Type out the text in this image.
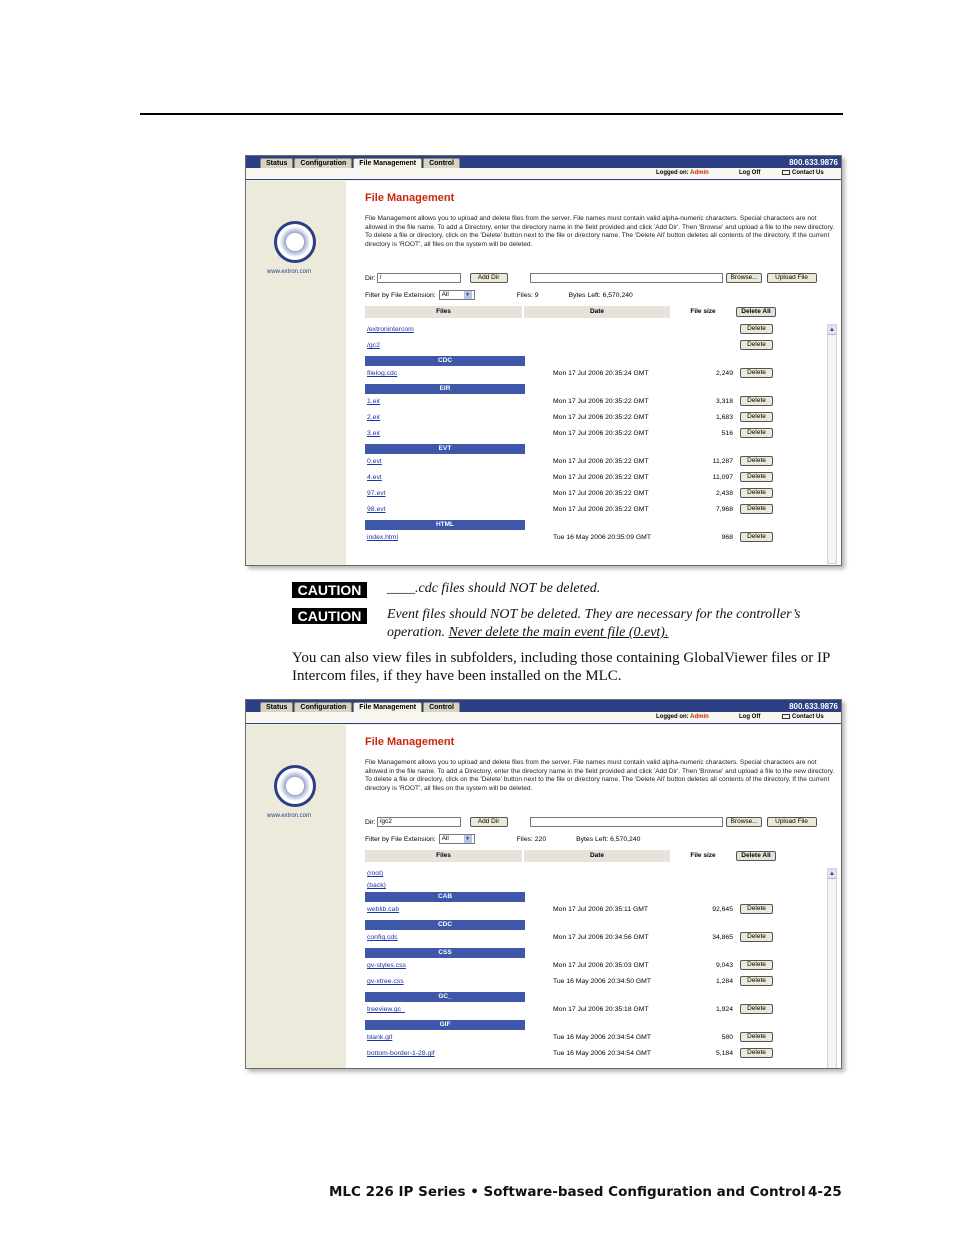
Status	Configuration	File Management	Control	800.633.9876
Logged on: Admin	Log Off	Contact Us
www.extron.com
File Management
File Management allows you to upload and delete files from the server. File names must contain valid alpha-numeric characters. Special characters are not allowed in the file name. To add a Directory, enter the directory name in the field provided and click 'Add Dir'. Then 'Browse' and upload a file to the new directory. To delete a file or directory, click on the 'Delete' button next to the file or directory name. The 'Delete All' button deletes all contents of the directory. If the current directory is 'ROOT', all files on the system will be deleted.
Dir: /	Add Dir	Browse...	Upload File
Filter by File Extension: All	▼	Files: 9	Bytes Left: 6,570,240
Files	Date	File size	Delete All
/extronintercom	Delete
/gc2	Delete
CDC
filelog.cdc	Mon 17 Jul 2006 20:35:24 GMT	2,249	Delete
EIR
1.eir	Mon 17 Jul 2006 20:35:22 GMT	3,318	Delete
2.eir	Mon 17 Jul 2006 20:35:22 GMT	1,683	Delete
3.eir	Mon 17 Jul 2006 20:35:22 GMT	516	Delete
EVT
0.evt	Mon 17 Jul 2006 20:35:22 GMT	11,287	Delete
4.evt	Mon 17 Jul 2006 20:35:22 GMT	11,097	Delete
97.evt	Mon 17 Jul 2006 20:35:22 GMT	2,438	Delete
98.evt	Mon 17 Jul 2006 20:35:22 GMT	7,968	Delete
HTML
index.html	Tue 16 May 2006 20:35:09 GMT	968	Delete
▲
CAUTION	____.cdc files should NOT be deleted.
CAUTION	Event files should NOT be deleted. They are necessary for the controller’s operation. Never delete the main event file (0.evt).
You can also view files in subfolders, including those containing GlobalViewer files or IP Intercom files, if they have been installed on the MLC.
Status	Configuration	File Management	Control	800.633.9876
Logged on: Admin	Log Off	Contact Us
www.extron.com
File Management
File Management allows you to upload and delete files from the server. File names must contain valid alpha-numeric characters. Special characters are not allowed in the file name. To add a Directory, enter the directory name in the field provided and click 'Add Dir'. Then 'Browse' and upload a file to the new directory. To delete a file or directory, click on the 'Delete' button next to the file or directory name. The 'Delete All' button deletes all contents of the directory. If the current directory is 'ROOT', all files on the system will be deleted.
Dir: /gc2	Add Dir	Browse...	Upload File
Filter by File Extension: All	▼	Files: 220	Bytes Left: 6,570,240
Files	Date	File size	Delete All
(root)
(back)
CAB
weblib.cab	Mon 17 Jul 2006 20:35:11 GMT	92,645	Delete
CDC
config.cdc	Mon 17 Jul 2006 20:34:56 GMT	34,865	Delete
CSS
gv-styles.css	Mon 17 Jul 2006 20:35:03 GMT	9,043	Delete
gv-xtree.css	Tue 16 May 2006 20:34:50 GMT	1,284	Delete
GC_
treeview.gc_	Mon 17 Jul 2006 20:35:18 GMT	1,924	Delete
GIF
blank.gif	Tue 16 May 2006 20:34:54 GMT	580	Delete
bottom-border-1-28.gif	Tue 16 May 2006 20:34:54 GMT	5,184	Delete
▲
MLC 226 IP Series • Software-based Configuration and Control 4-25
